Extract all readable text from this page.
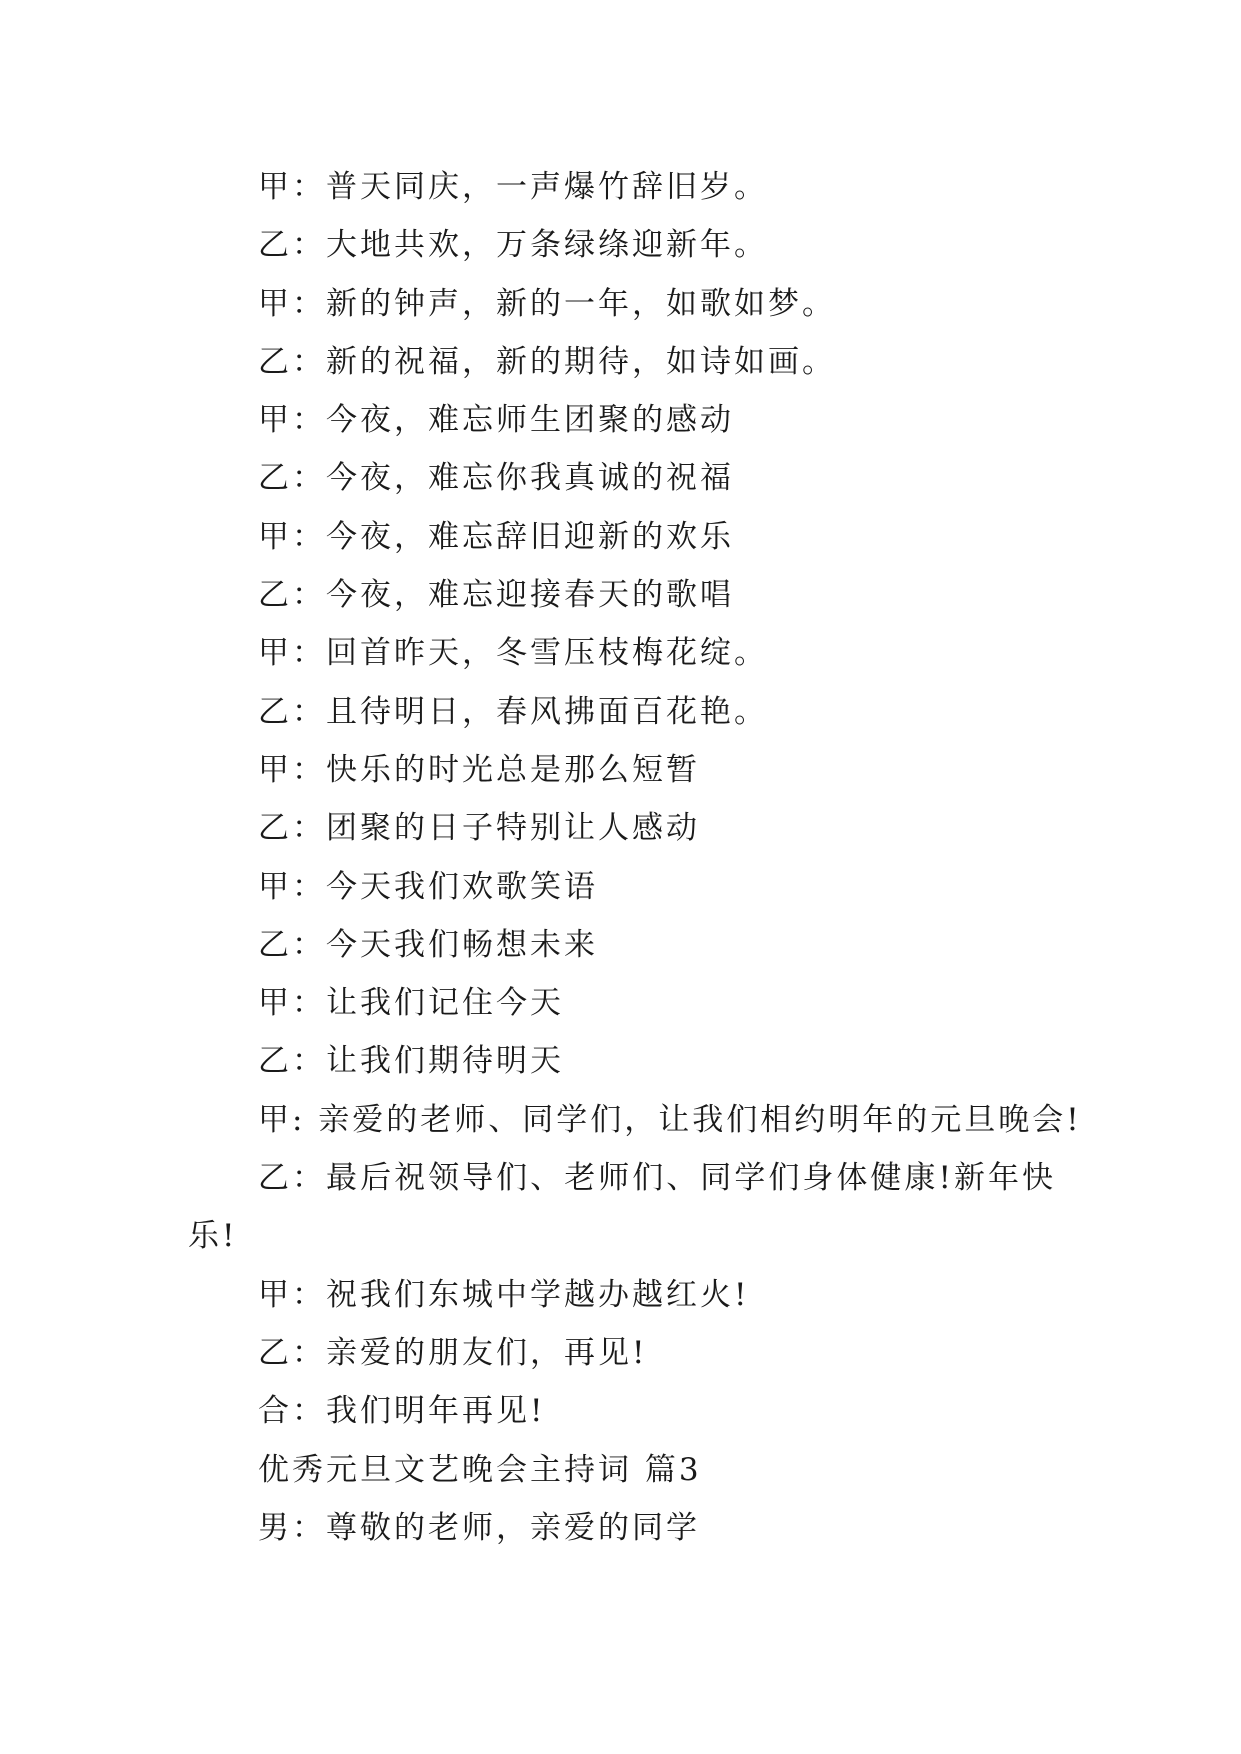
甲：普天同庆，一声爆竹辞旧岁。

乙：大地共欢，万条绿绦迎新年。

甲：新的钟声，新的一年，如歌如梦。

乙：新的祝福，新的期待，如诗如画。

甲：今夜，难忘师生团聚的感动

乙：今夜，难忘你我真诚的祝福

甲：今夜，难忘辞旧迎新的欢乐

乙：今夜，难忘迎接春天的歌唱

甲：回首昨天，冬雪压枝梅花绽。

乙：且待明日，春风拂面百花艳。

甲：快乐的时光总是那么短暂

乙：团聚的日子特别让人感动

甲：今天我们欢歌笑语

乙：今天我们畅想未来

甲：让我们记住今天

乙：让我们期待明天

甲: 亲爱的老师、同学们，让我们相约明年的元旦晚会!

乙：最后祝领导们、老师们、同学们身体健康!新年快乐!

甲：祝我们东城中学越办越红火!

乙：亲爱的朋友们，再见!

合：我们明年再见!

优秀元旦文艺晚会主持词 篇3

男：尊敬的老师，亲爱的同学
